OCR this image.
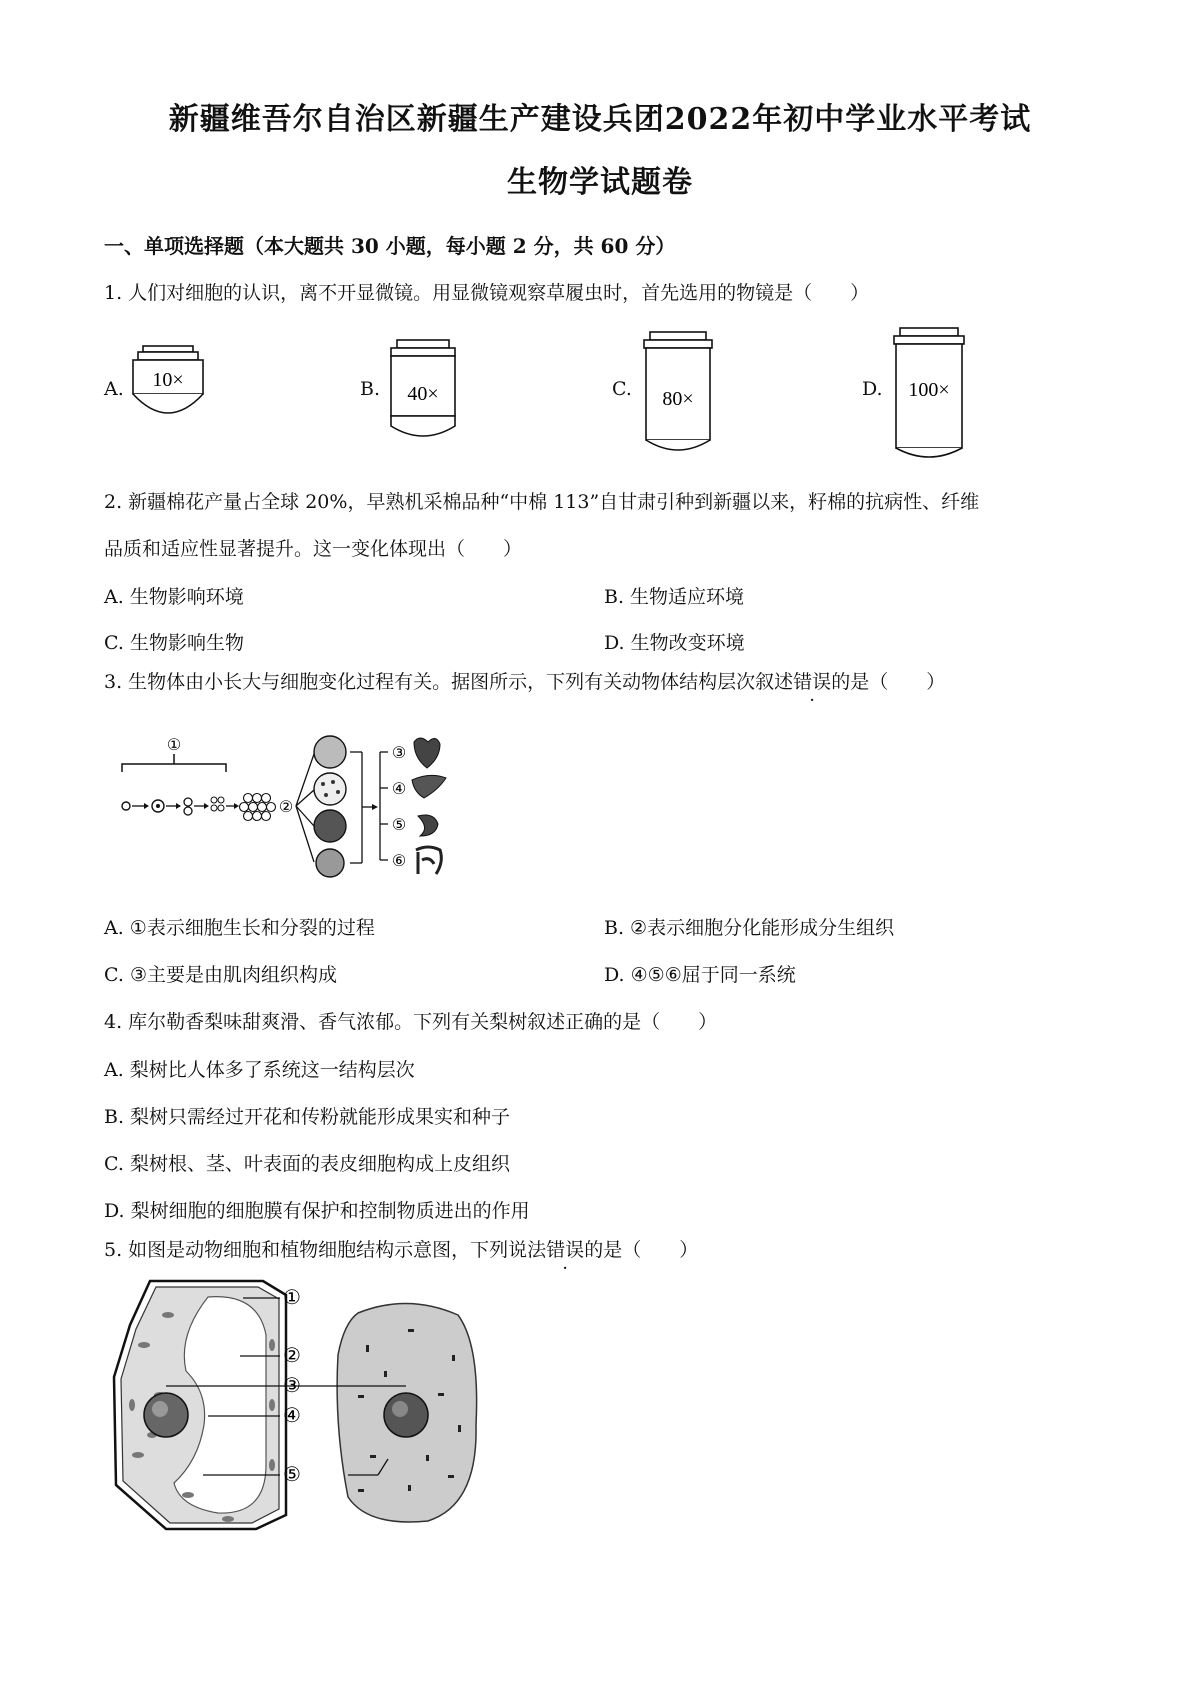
新疆维吾尔自治区新疆生产建设兵团2022年初中学业水平考试
生物学试题卷
一、单项选择题（本大题共 30 小题，每小题 2 分，共 60 分）
1. 人们对细胞的认识，离不开显微镜。用显微镜观察草履虫时，首先选用的物镜是（　　）
A. 10×	B. 40×	C. 80×	D. 100×
2. 新疆棉花产量占全球 20%，早熟机采棉品种“中棉 113”自甘肃引种到新疆以来，籽棉的抗病性、纤维
品质和适应性显著提升。这一变化体现出（　　）
A. 生物影响环境	B. 生物适应环境
C. 生物影响生物	D. 生物改变环境
3. 生物体由小长大与细胞变化过程有关。据图所示，下列有关动物体结构层次叙述错误的是（　　）
①
②
③
④
⑤
⑥
A. ①表示细胞生长和分裂的过程	B. ②表示细胞分化能形成分生组织
C. ③主要是由肌肉组织构成	D. ④⑤⑥屈于同一系统
4. 库尔勒香梨味甜爽滑、香气浓郁。下列有关梨树叙述正确的是（　　）
A. 梨树比人体多了系统这一结构层次
B. 梨树只需经过开花和传粉就能形成果实和种子
C. 梨树根、茎、叶表面的表皮细胞构成上皮组织
D. 梨树细胞的细胞膜有保护和控制物质进出的作用
5. 如图是动物细胞和植物细胞结构示意图，下列说法错误的是（　　）
①
②
③
④
⑤
